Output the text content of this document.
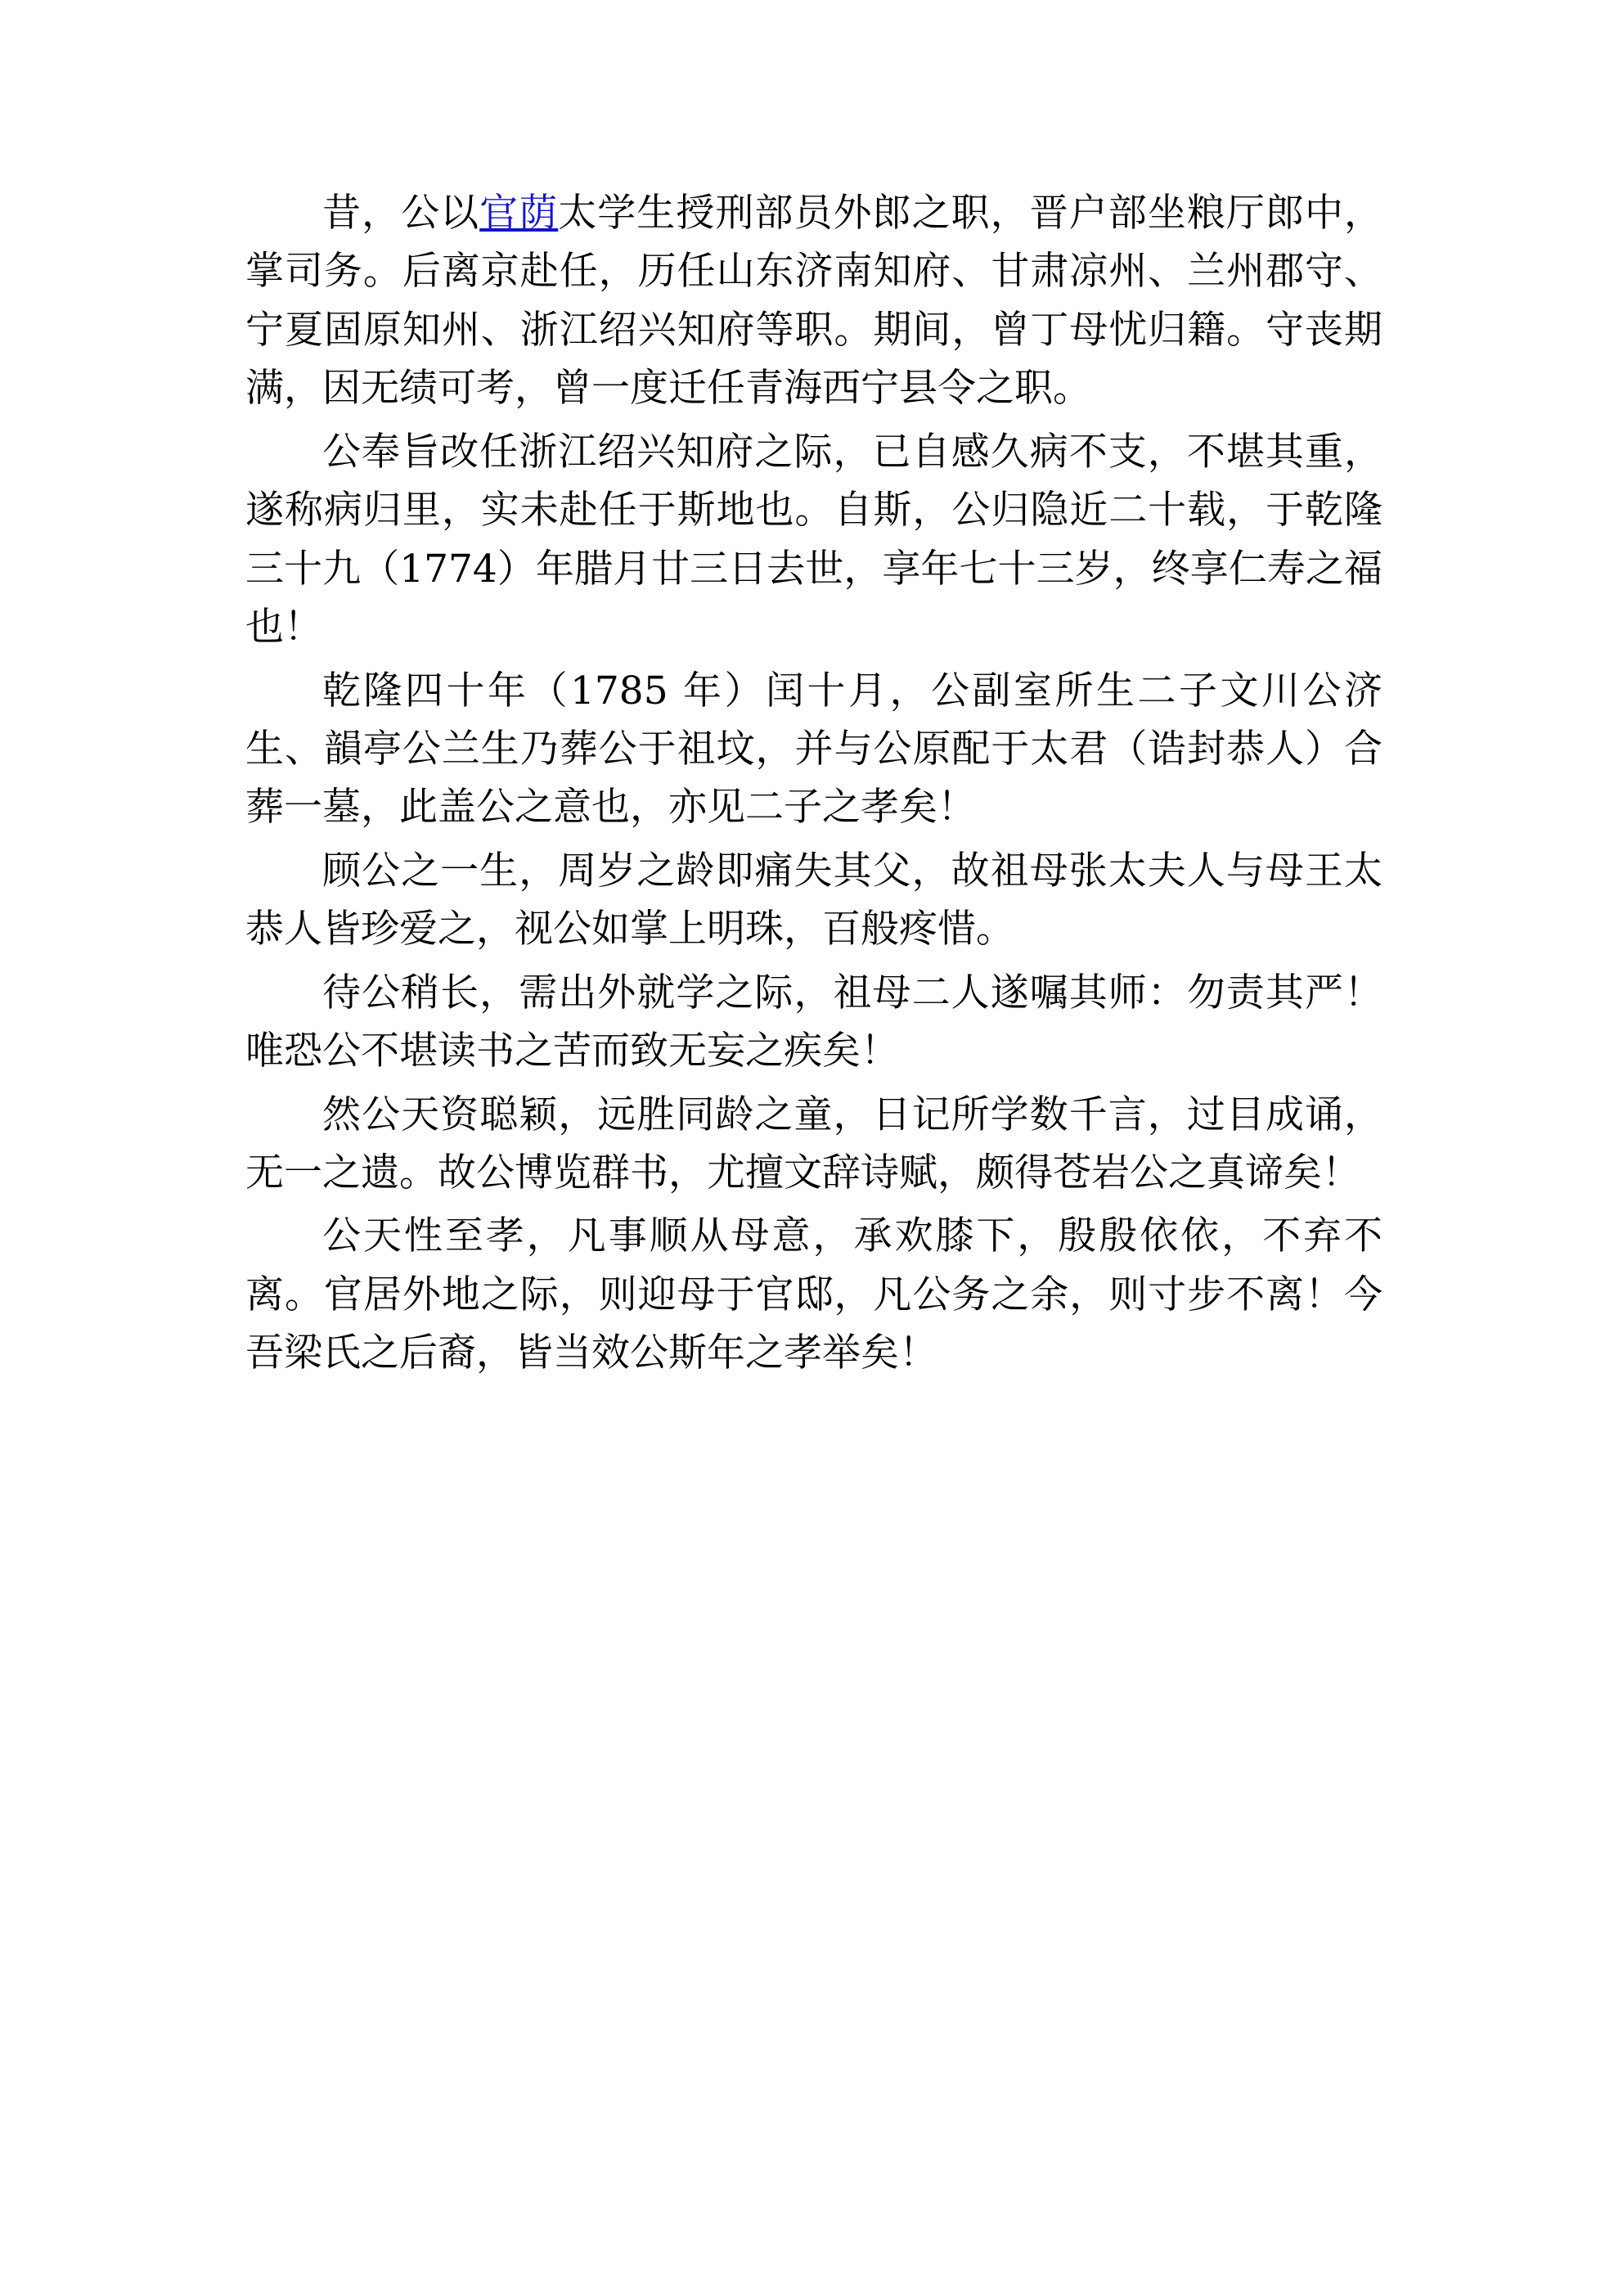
昔，公以官荫太学生授刑部员外郎之职，晋户部坐粮厅郎中，掌司务。后离京赴任，历任山东济南知府、甘肃凉州、兰州郡守、宁夏固原知州、浙江绍兴知府等职。期间，曾丁母忧归籍。守丧期满，因无绩可考，曾一度迁任青海西宁县令之职。

公奉旨改任浙江绍兴知府之际，已自感久病不支，不堪其重，遂称病归里，实未赴任于斯地也。自斯，公归隐近二十载，于乾隆三十九（1774）年腊月廿三日去世，享年七十三岁，终享仁寿之福也！

乾隆四十年（1785 年）闰十月，公副室所生二子文川公济生、韻亭公兰生乃葬公于祖坟，并与公原配于太君（诰封恭人）合葬一墓，此盖公之意也，亦见二子之孝矣！

顾公之一生，周岁之龄即痛失其父，故祖母张太夫人与母王太恭人皆珍爱之，视公如掌上明珠，百般疼惜。

待公稍长，需出外就学之际，祖母二人遂嘱其师：勿责其严！唯恐公不堪读书之苦而致无妄之疾矣！

然公天资聪颖，远胜同龄之童，日记所学数千言，过目成诵，无一之遗。故公博览群书，尤擅文辞诗赋，颇得苍岩公之真谛矣！

公天性至孝，凡事顺从母意，承欢膝下，殷殷依依，不弃不离。官居外地之际，则迎母于官邸，凡公务之余，则寸步不离！今吾梁氏之后裔，皆当效公斯年之孝举矣！
